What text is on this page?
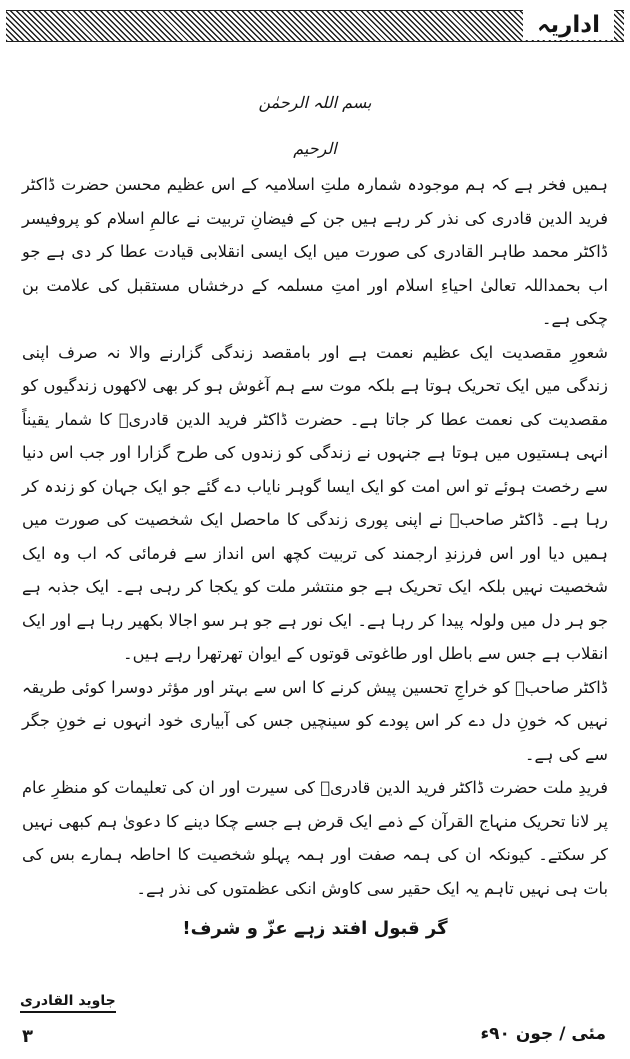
اداریہ
بسم اللہ الرحمٰن الرحیم

ہمیں فخر ہے کہ ہم موجودہ شمارہ ملتِ اسلامیہ کے اس عظیم محسن حضرت ڈاکٹر فرید الدین قادری کی نذر کر رہے ہیں جن کے فیضانِ تربیت نے عالمِ اسلام کو پروفیسر ڈاکٹر محمد طاہر القادری کی صورت میں ایک ایسی انقلابی قیادت عطا کر دی ہے جو اب بحمداللہ تعالیٰ احیاءِ اسلام اور امتِ مسلمہ کے درخشاں مستقبل کی علامت بن چکی ہے۔

شعورِ مقصدیت ایک عظیم نعمت ہے اور بامقصد زندگی گزارنے والا نہ صرف اپنی زندگی میں ایک تحریک ہوتا ہے بلکہ موت سے ہم آغوش ہو کر بھی لاکھوں زندگیوں کو مقصدیت کی نعمت عطا کر جاتا ہے۔ حضرت ڈاکٹر فرید الدین قادریؒ کا شمار یقیناً انہی ہستیوں میں ہوتا ہے جنہوں نے زندگی کو زندوں کی طرح گزارا اور جب اس دنیا سے رخصت ہوئے تو اس امت کو ایک ایسا گوہر نایاب دے گئے جو ایک جہان کو زندہ کر رہا ہے۔ ڈاکٹر صاحبؒ نے اپنی پوری زندگی کا ماحصل ایک شخصیت کی صورت میں ہمیں دیا اور اس فرزندِ ارجمند کی تربیت کچھ اس انداز سے فرمائی کہ اب وہ ایک شخصیت نہیں بلکہ ایک تحریک ہے جو منتشر ملت کو یکجا کر رہی ہے۔ ایک جذبہ ہے جو ہر دل میں ولولہ پیدا کر رہا ہے۔ ایک نور ہے جو ہر سو اجالا بکھیر رہا ہے اور ایک انقلاب ہے جس سے باطل اور طاغوتی قوتوں کے ایوان تھرتھرا رہے ہیں۔

ڈاکٹر صاحبؒ کو خراجِ تحسین پیش کرنے کا اس سے بہتر اور مؤثر دوسرا کوئی طریقہ نہیں کہ خونِ دل دے کر اس پودے کو سینچیں جس کی آبیاری خود انہوں نے خونِ جگر سے کی ہے۔

فریدِ ملت حضرت ڈاکٹر فرید الدین قادریؒ کی سیرت اور ان کی تعلیمات کو منظرِ عام پر لانا تحریک منہاج القرآن کے ذمے ایک قرض ہے جسے چکا دینے کا دعویٰ ہم کبھی نہیں کر سکتے۔ کیونکہ ان کی ہمہ صفت اور ہمہ پہلو شخصیت کا احاطہ ہمارے بس کی بات ہی نہیں تاہم یہ ایک حقیر سی کاوش انکی عظمتوں کی نذر ہے۔

گر قبول افتد زہے عزّ و شرف!
جاوید القادری
۳	مئی / جون ۹۰ء
